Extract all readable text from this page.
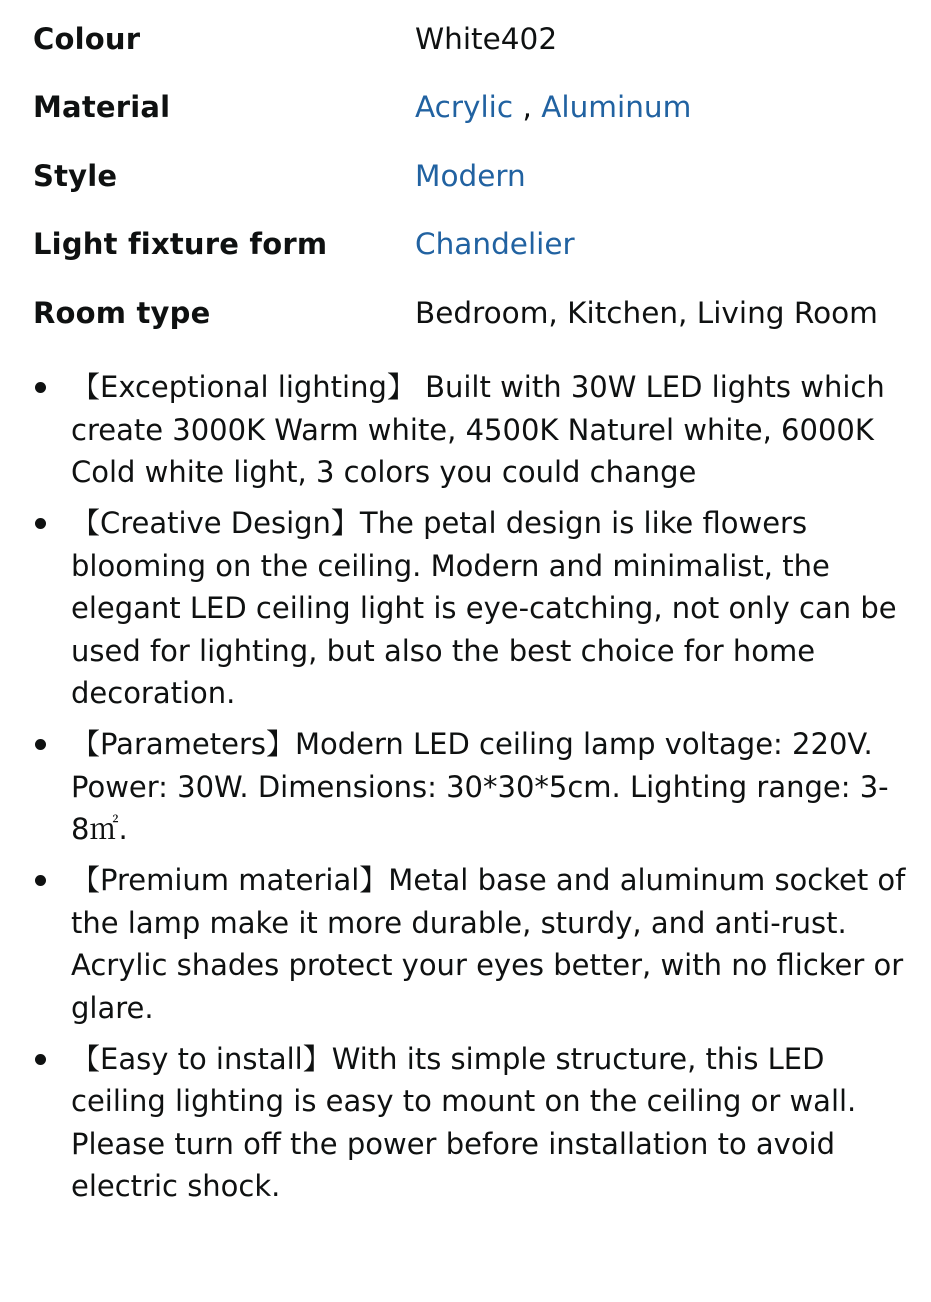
Colour	White402
Material	Acrylic , Aluminum
Style	Modern
Light fixture form	Chandelier
Room type	Bedroom, Kitchen, Living Room
【Exceptional lighting】 Built with 30W LED lights which create 3000K Warm white, 4500K Naturel white, 6000K Cold white light, 3 colors you could change
【Creative Design】The petal design is like flowers blooming on the ceiling. Modern and minimalist, the elegant LED ceiling light is eye-catching, not only can be used for lighting, but also the best choice for home decoration.
【Parameters】Modern LED ceiling lamp voltage: 220V. Power: 30W. Dimensions: 30*30*5cm. Lighting range: 3-8㎡.
【Premium material】Metal base and aluminum socket of the lamp make it more durable, sturdy, and anti-rust. Acrylic shades protect your eyes better, with no flicker or glare.
【Easy to install】With its simple structure, this LED ceiling lighting is easy to mount on the ceiling or wall. Please turn off the power before installation to avoid electric shock.
